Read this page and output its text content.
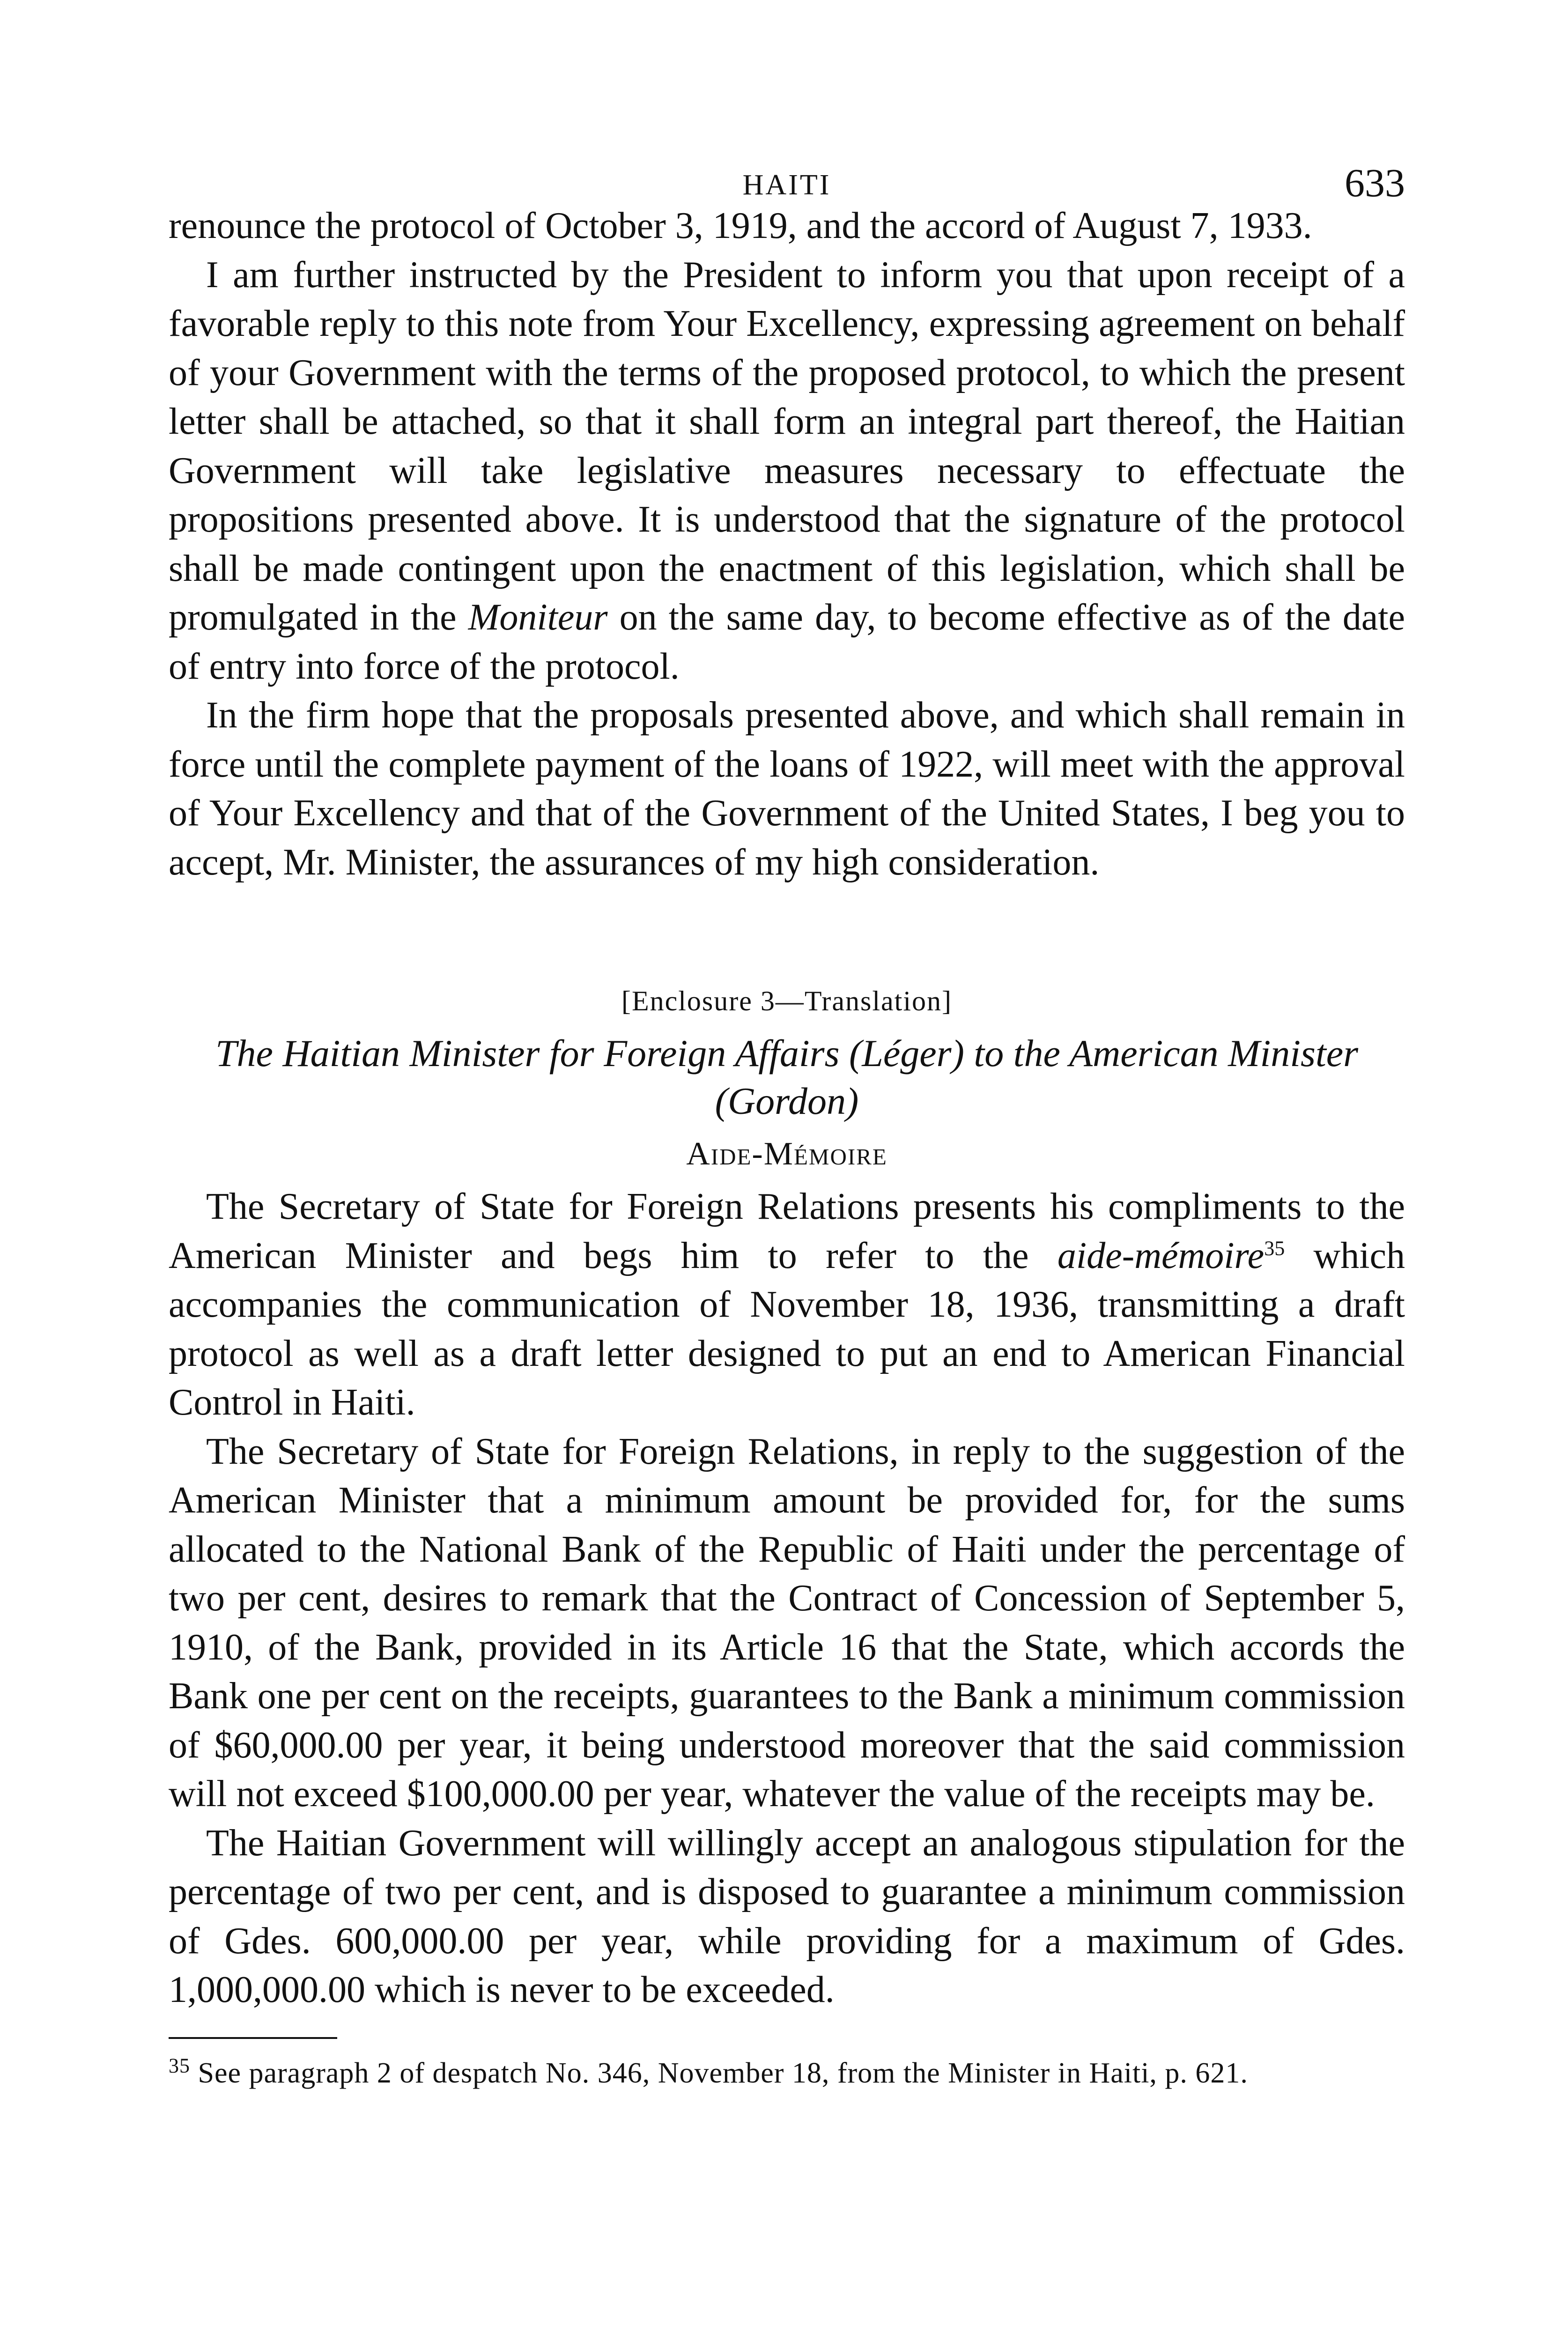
HAITI	633

renounce the protocol of October 3, 1919, and the accord of August 7, 1933.

I am further instructed by the President to inform you that upon receipt of a favorable reply to this note from Your Excellency, expressing agreement on behalf of your Government with the terms of the proposed protocol, to which the present letter shall be attached, so that it shall form an integral part thereof, the Haitian Government will take legislative measures necessary to effectuate the propositions presented above. It is understood that the signature of the protocol shall be made contingent upon the enactment of this legislation, which shall be promulgated in the Moniteur on the same day, to become effective as of the date of entry into force of the protocol.

In the firm hope that the proposals presented above, and which shall remain in force until the complete payment of the loans of 1922, will meet with the approval of Your Excellency and that of the Government of the United States, I beg you to accept, Mr. Minister, the assurances of my high consideration.

[Enclosure 3—Translation]
The Haitian Minister for Foreign Affairs (Léger) to the American Minister (Gordon)
Aide-Mémoire

The Secretary of State for Foreign Relations presents his compliments to the American Minister and begs him to refer to the aide-mémoire$^{35}$ which accompanies the communication of November 18, 1936, transmitting a draft protocol as well as a draft letter designed to put an end to American Financial Control in Haiti.

The Secretary of State for Foreign Relations, in reply to the suggestion of the American Minister that a minimum amount be provided for, for the sums allocated to the National Bank of the Republic of Haiti under the percentage of two per cent, desires to remark that the Contract of Concession of September 5, 1910, of the Bank, provided in its Article 16 that the State, which accords the Bank one per cent on the receipts, guarantees to the Bank a minimum commission of $60,000.00 per year, it being understood moreover that the said commission will not exceed $100,000.00 per year, whatever the value of the receipts may be.

The Haitian Government will willingly accept an analogous stipulation for the percentage of two per cent, and is disposed to guarantee a minimum commission of Gdes. 600,000.00 per year, while providing for a maximum of Gdes. 1,000,000.00 which is never to be exceeded.

$^{35}$ See paragraph 2 of despatch No. 346, November 18, from the Minister in Haiti, p. 621.
